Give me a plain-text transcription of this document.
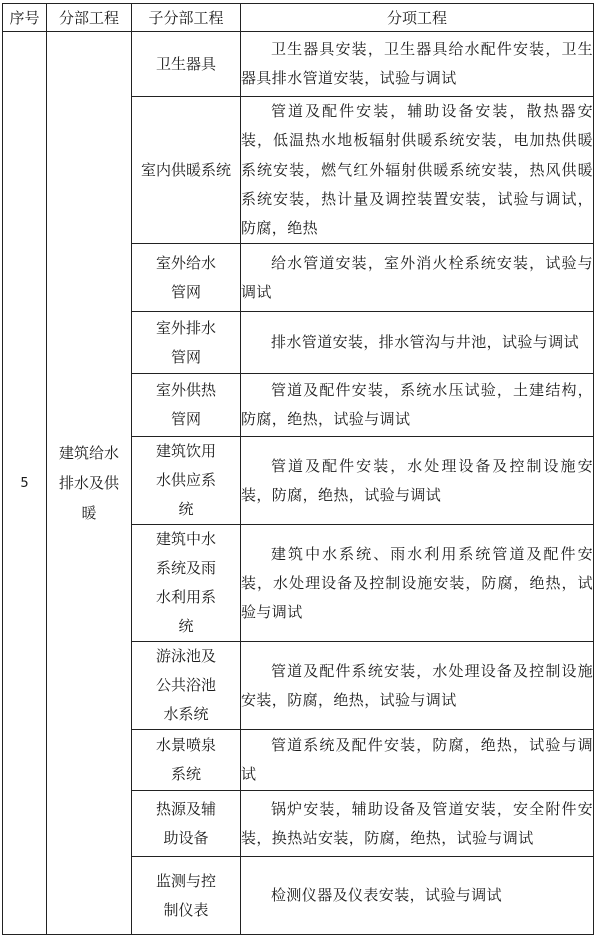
序号	分部工程	子分部工程	分项工程
5	建筑给水排水及供暖	卫生器具	卫生器具安装，卫生器具给水配件安装，卫生器具排水管道安装，试验与调试
		室内供暖系统	管道及配件安装，辅助设备安装，散热器安装，低温热水地板辐射供暖系统安装，电加热供暖系统安装，燃气红外辐射供暖系统安装，热风供暖系统安装，热计量及调控装置安装，试验与调试，防腐，绝热

		室外给水管网	给水管道安装，室外消火栓系统安装，试验与调试

		室外排水管网	排水管道安装，排水管沟与井池，试验与调试

		室外供热管网	管道及配件安装，系统水压试验，土建结构，防腐，绝热，试验与调试

		建筑饮用水供应系统	管道及配件安装，水处理设备及控制设施安装，防腐，绝热，试验与调试

		建筑中水系统及雨水利用系统	建筑中水系统、雨水利用系统管道及配件安装，水处理设备及控制设施安装，防腐，绝热，试验与调试

		游泳池及公共浴池水系统	管道及配件系统安装，水处理设备及控制设施安装，防腐，绝热，试验与调试

		水景喷泉系统	管道系统及配件安装，防腐，绝热，试验与调试

		热源及辅助设备	锅炉安装，辅助设备及管道安装，安全附件安装，换热站安装，防腐，绝热，试验与调试

		监测与控制仪表	检测仪器及仪表安装，试验与调试
